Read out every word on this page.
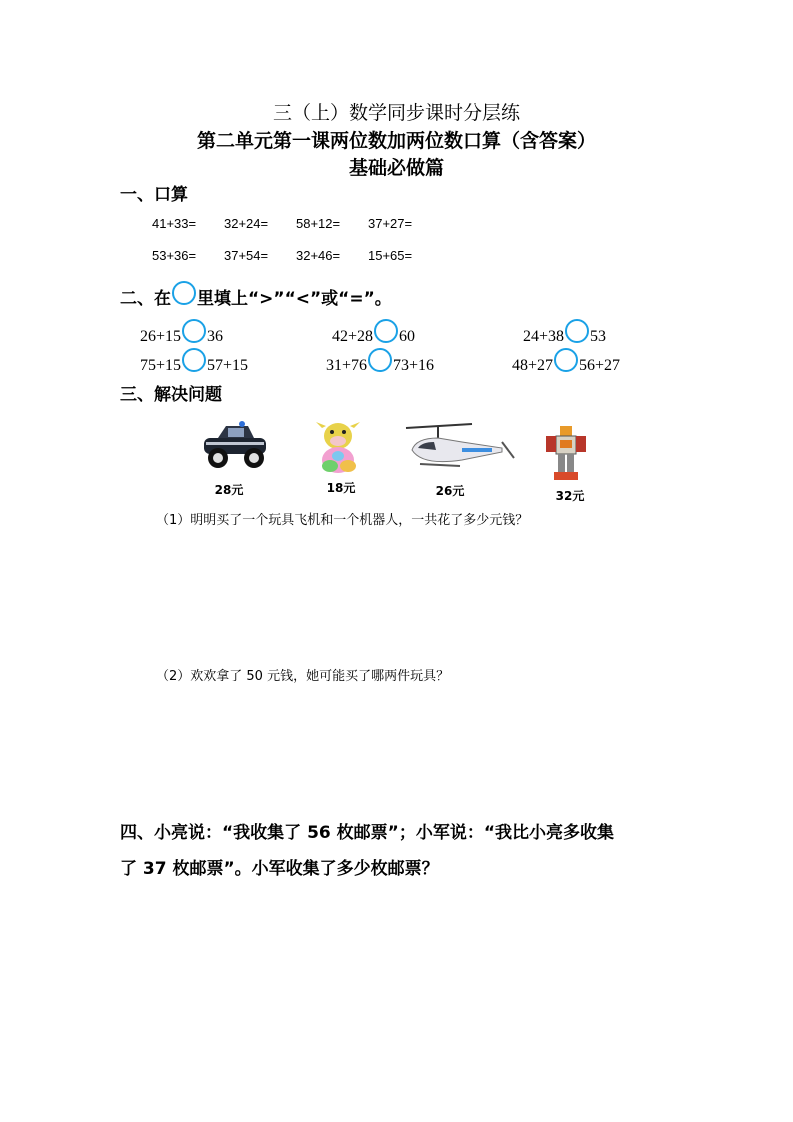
三（上）数学同步课时分层练
第二单元第一课两位数加两位数口算（含答案）
基础必做篇
一、口算
41+33= 32+24= 58+12= 37+27=
53+36= 37+54= 32+46= 15+65=
二、在 里填上“>”“<”或“=”。
26+15 36	42+28 60	24+38 53
75+15 57+15	31+76 73+16	48+27 56+27
三、解决问题
28元	18元	26元	32元
（1）明明买了一个玩具飞机和一个机器人，一共花了多少元钱？
（2）欢欢拿了 50 元钱，她可能买了哪两件玩具？
四、小亮说：“我收集了 56 枚邮票”；小军说：“我比小亮多收集
了 37 枚邮票”。小军收集了多少枚邮票？
